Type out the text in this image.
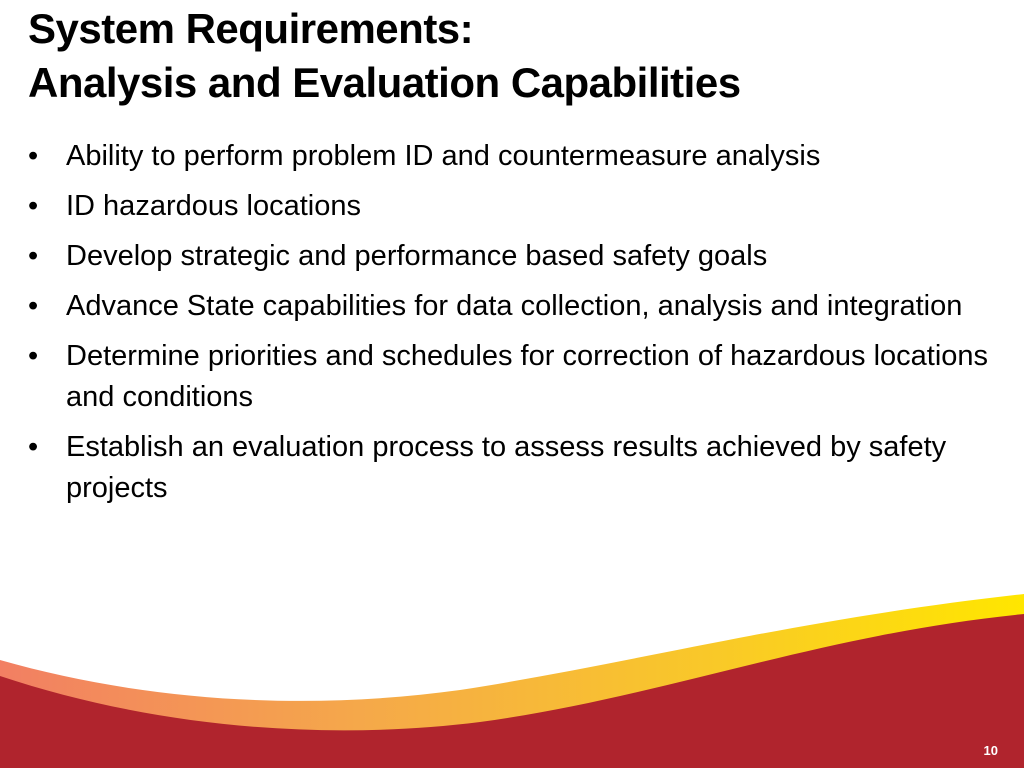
System Requirements:
Analysis and Evaluation Capabilities
• Ability to perform problem ID and countermeasure analysis
• ID hazardous locations
• Develop strategic and performance based safety goals
• Advance State capabilities for data collection, analysis and integration
• Determine priorities and schedules for correction of hazardous locations and conditions
• Establish an evaluation process to assess results achieved by safety projects
10
